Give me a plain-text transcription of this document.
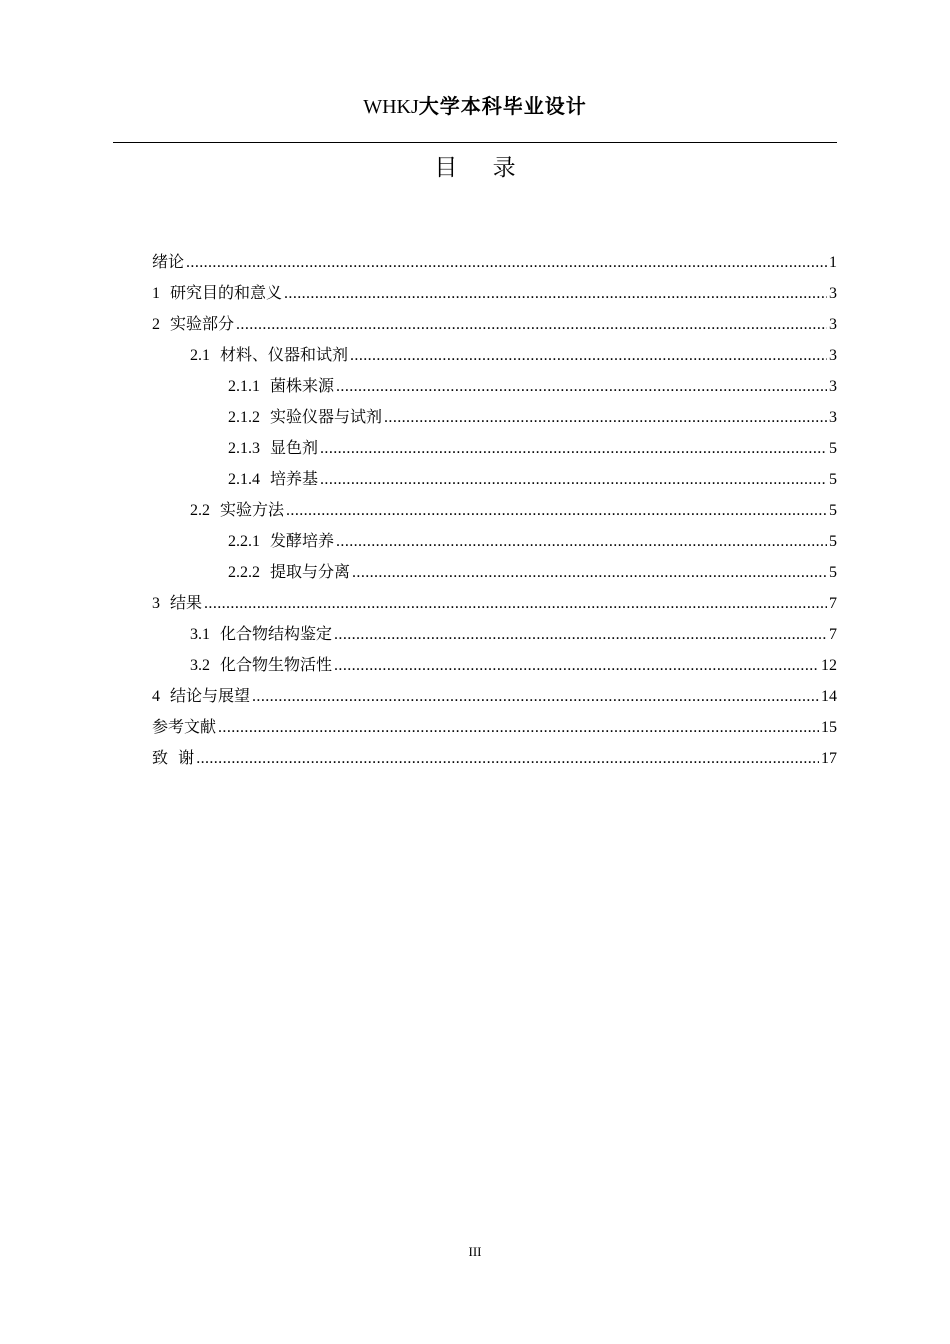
WHKJ大学本科毕业设计
目 录
绪论 .....	1
1 研究目的和意义 .....	3
2 实验部分 .....	3
2.1 材料、仪器和试剂 .....	3
2.1.1 菌株来源 .....	3
2.1.2 实验仪器与试剂 .....	3
2.1.3 显色剂 .....	5
2.1.4 培养基 .....	5
2.2 实验方法 .....	5
2.2.1 发酵培养 .....	5
2.2.2 提取与分离 .....	5
3 结果 .....	7
3.1 化合物结构鉴定 .....	7
3.2 化合物生物活性 .....	12
4 结论与展望 .....	14
参考文献 .....	15
致  谢 .....	17
III
